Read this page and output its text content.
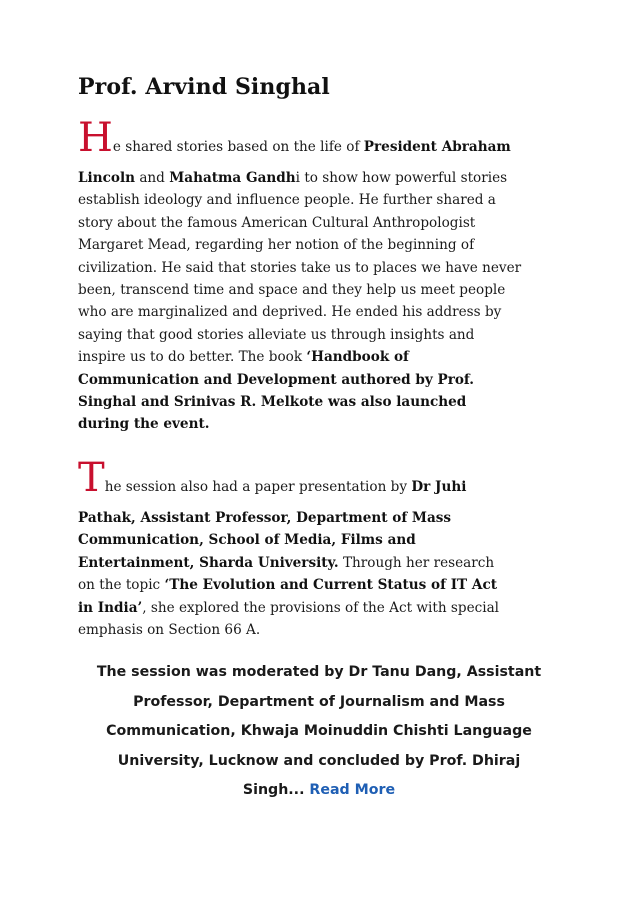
Prof. Arvind Singhal
He shared stories based on the life of President Abraham
Lincoln and Mahatma Gandhi to show how powerful stories
establish ideology and influence people. He further shared a
story about the famous American Cultural Anthropologist
Margaret Mead, regarding her notion of the beginning of
civilization. He said that stories take us to places we have never
been, transcend time and space and they help us meet people
who are marginalized and deprived. He ended his address by
saying that good stories alleviate us through insights and
inspire us to do better. The book ‘Handbook of
Communication and Development authored by Prof.
Singhal and Srinivas R. Melkote was also launched
during the event.
The session also had a paper presentation by Dr Juhi
Pathak, Assistant Professor, Department of Mass
Communication, School of Media, Films and
Entertainment, Sharda University. Through her research
on the topic ‘The Evolution and Current Status of IT Act
in India’, she explored the provisions of the Act with special
emphasis on Section 66 A.
The session was moderated by Dr Tanu Dang, Assistant
Professor, Department of Journalism and Mass
Communication, Khwaja Moinuddin Chishti Language
University, Lucknow and concluded by Prof. Dhiraj
Singh... Read More
